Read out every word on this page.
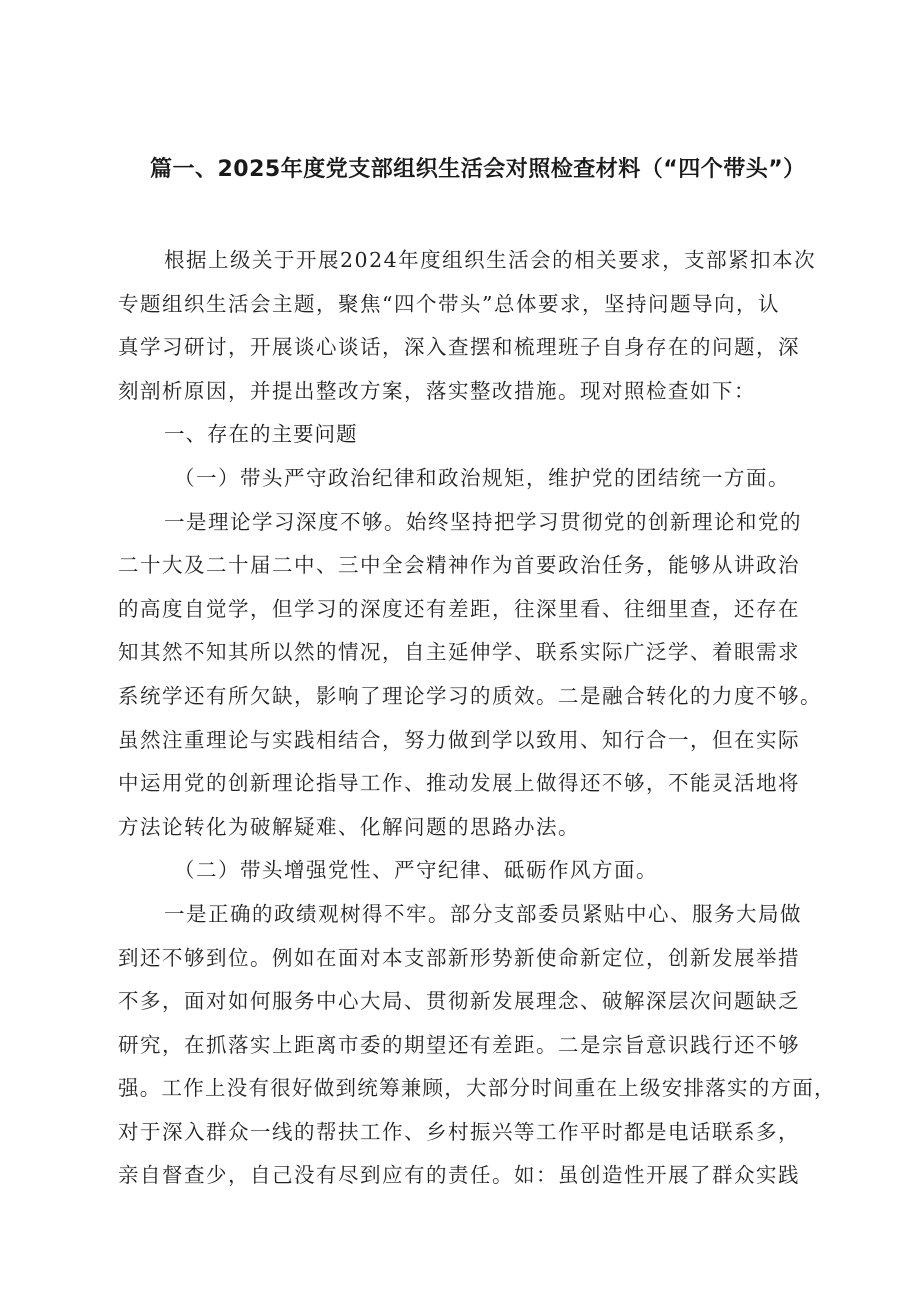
篇一、2025年度党支部组织生活会对照检查材料（“四个带头”）
根据上级关于开展2024年度组织生活会的相关要求，支部紧扣本次
专题组织生活会主题，聚焦“四个带头”总体要求，坚持问题导向，认
真学习研讨，开展谈心谈话，深入查摆和梳理班子自身存在的问题，深
刻剖析原因，并提出整改方案，落实整改措施。现对照检查如下：
一、存在的主要问题
（一）带头严守政治纪律和政治规矩，维护党的团结统一方面。
一是理论学习深度不够。始终坚持把学习贯彻党的创新理论和党的
二十大及二十届二中、三中全会精神作为首要政治任务，能够从讲政治
的高度自觉学，但学习的深度还有差距，往深里看、往细里查，还存在
知其然不知其所以然的情况，自主延伸学、联系实际广泛学、着眼需求
系统学还有所欠缺，影响了理论学习的质效。二是融合转化的力度不够。
虽然注重理论与实践相结合，努力做到学以致用、知行合一，但在实际
中运用党的创新理论指导工作、推动发展上做得还不够，不能灵活地将
方法论转化为破解疑难、化解问题的思路办法。
（二）带头增强党性、严守纪律、砥砺作风方面。
一是正确的政绩观树得不牢。部分支部委员紧贴中心、服务大局做
到还不够到位。例如在面对本支部新形势新使命新定位，创新发展举措
不多，面对如何服务中心大局、贯彻新发展理念、破解深层次问题缺乏
研究，在抓落实上距离市委的期望还有差距。二是宗旨意识践行还不够
强。工作上没有很好做到统筹兼顾，大部分时间重在上级安排落实的方面，
对于深入群众一线的帮扶工作、乡村振兴等工作平时都是电话联系多，
亲自督查少，自己没有尽到应有的责任。如：虽创造性开展了群众实践
